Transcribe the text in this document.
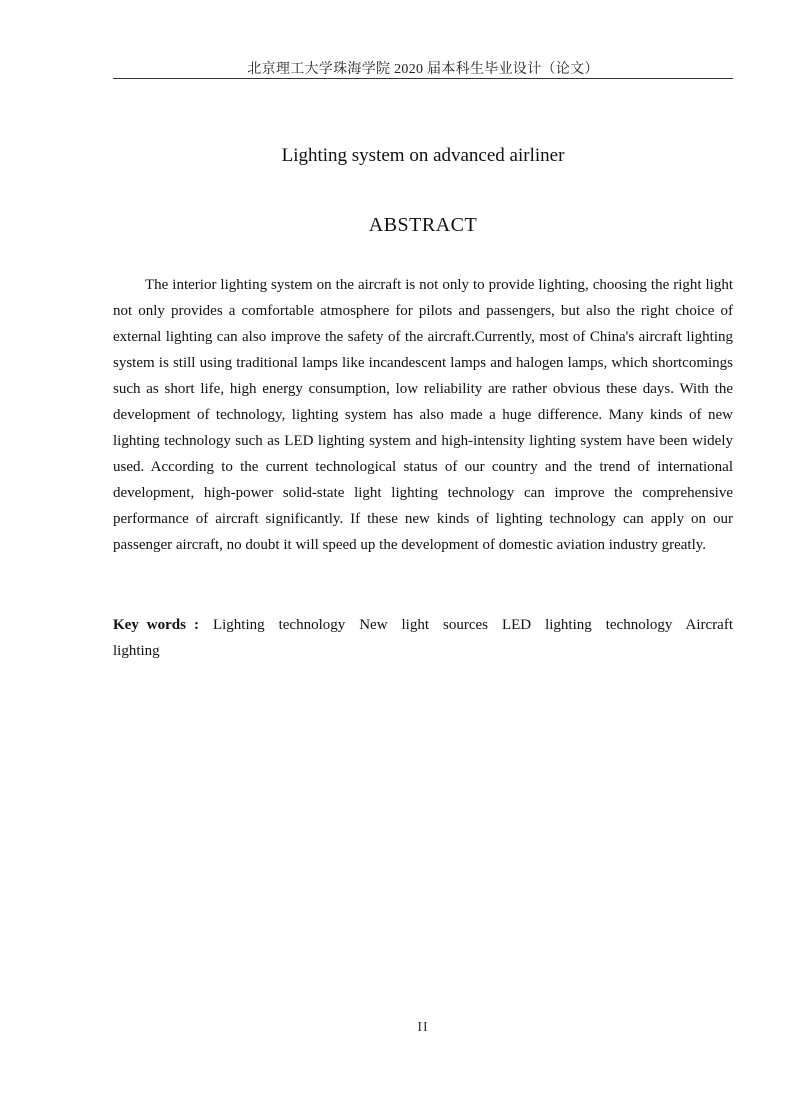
北京理工大学珠海学院 2020 届本科生毕业设计（论文）
Lighting system on advanced airliner
ABSTRACT

The interior lighting system on the aircraft is not only to provide lighting, choosing the right light not only provides a comfortable atmosphere for pilots and passengers, but also the right choice of external lighting can also improve the safety of the aircraft.Currently, most of China's aircraft lighting system is still using traditional lamps like incandescent lamps and halogen lamps, which shortcomings such as short life, high energy consumption, low reliability are rather obvious these days. With the development of technology, lighting system has also made a huge difference. Many kinds of new lighting technology such as LED lighting system and high-intensity lighting system have been widely used. According to the current technological status of our country and the trend of international development, high-power solid-state light lighting technology can improve the comprehensive performance of aircraft significantly. If these new kinds of lighting technology can apply on our passenger aircraft, no doubt it will speed up the development of domestic aviation industry greatly.

Key words : Lighting technology New light sources LED lighting technology Aircraft lighting

II
